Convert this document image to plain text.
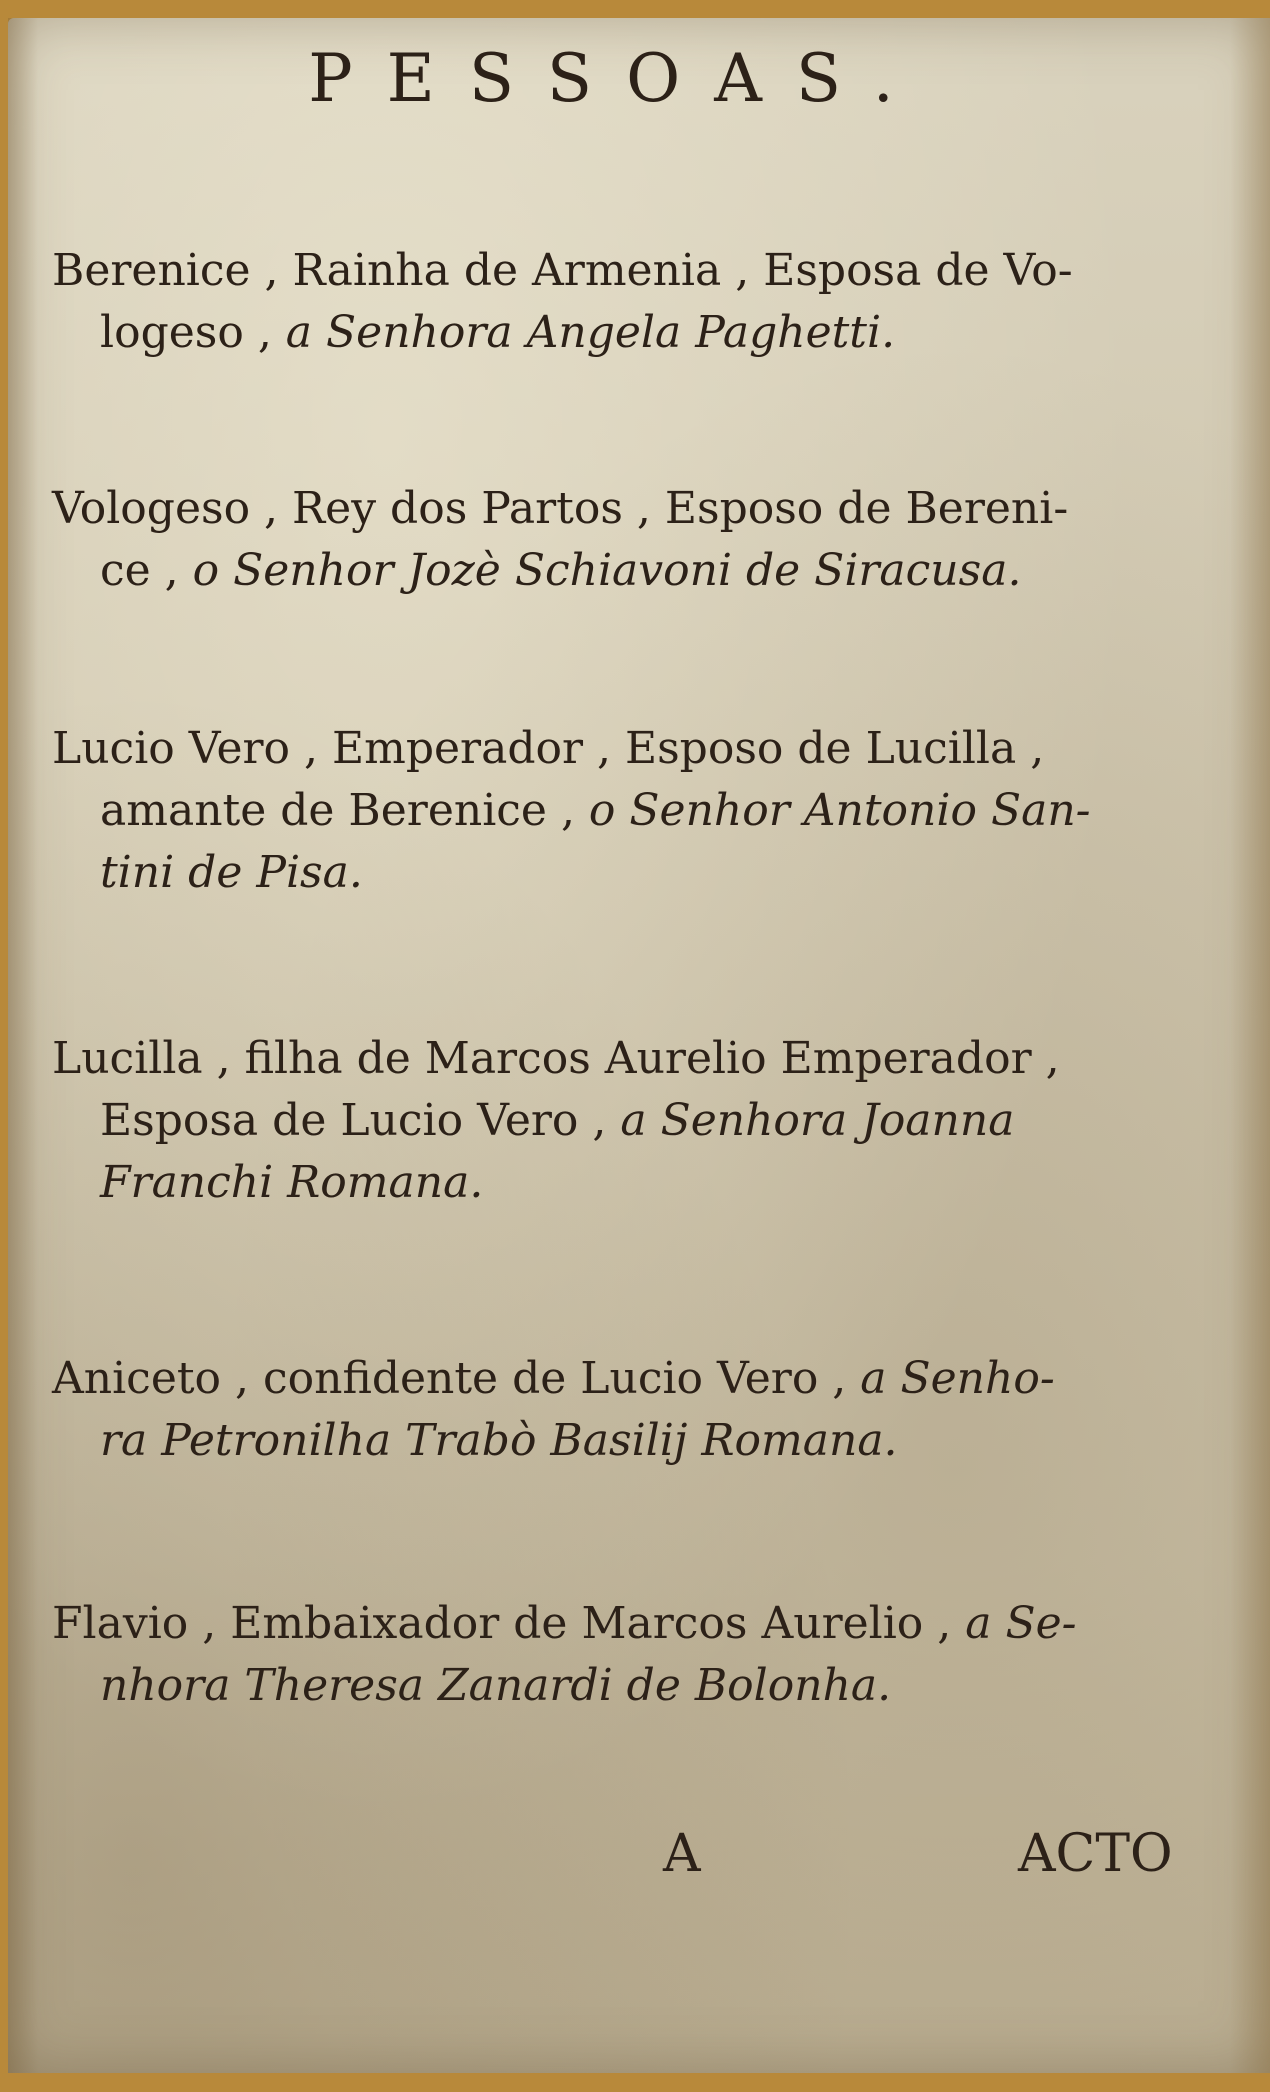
PESSOAS.

Berenice , Rainha de Armenia , Esposa de Vo-
logeso , a Senhora Angela Paghetti.

Vologeso , Rey dos Partos , Esposo de Bereni-
ce , o Senhor Jozè Schiavoni de Siracusa.

Lucio Vero , Emperador , Esposo de Lucilla ,
amante de Berenice , o Senhor Antonio San-
tini de Pisa.

Lucilla , filha de Marcos Aurelio Emperador ,
Esposa de Lucio Vero , a Senhora Joanna
Franchi Romana.

Aniceto , confidente de Lucio Vero , a Senho-
ra Petronilha Trabò Basilij Romana.

Flavio , Embaixador de Marcos Aurelio , a Se-
nhora Theresa Zanardi de Bolonha.

A	ACTO
